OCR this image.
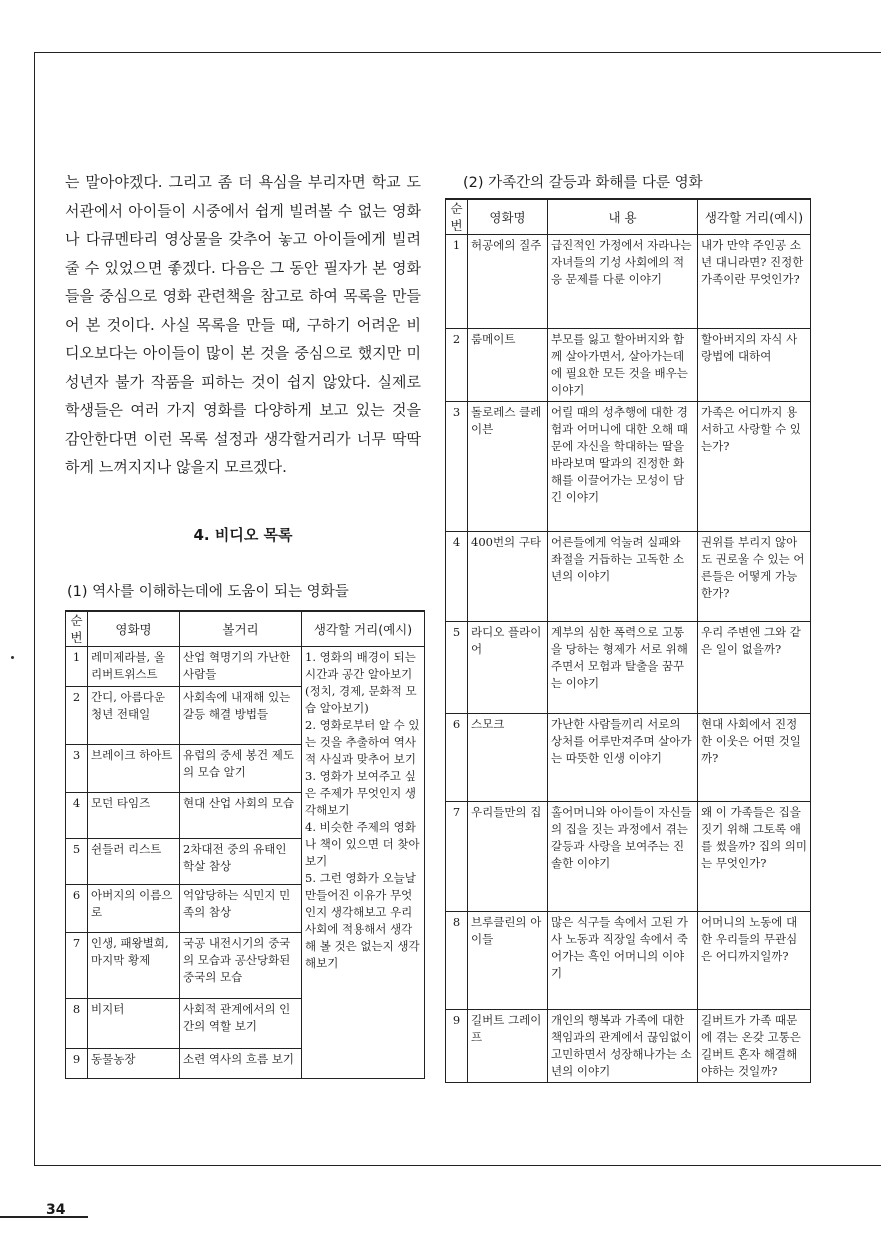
는 말아야겠다. 그리고 좀 더 욕심을 부리자면 학교 도서관에서 아이들이 시중에서 쉽게 빌려볼 수 없는 영화나 다큐멘타리 영상물을 갖추어 놓고 아이들에게 빌려줄 수 있었으면 좋겠다. 다음은 그 동안 필자가 본 영화들을 중심으로 영화 관련책을 참고로 하여 목록을 만들어 본 것이다. 사실 목록을 만들 때, 구하기 어려운 비디오보다는 아이들이 많이 본 것을 중심으로 했지만 미성년자 불가 작품을 피하는 것이 쉽지 않았다. 실제로 학생들은 여러 가지 영화를 다양하게 보고 있는 것을 감안한다면 이런 목록 설정과 생각할거리가 너무 딱딱하게 느껴지지나 않을지 모르겠다.
4. 비디오 목록
(1) 역사를 이해하는데에 도움이 되는 영화들
순번	영화명	볼거리	생각할 거리(예시)
1	레미제라블, 올리버트위스트	산업 혁명기의 가난한 사람들	1. 영화의 배경이 되는 시간과 공간 알아보기(정치, 경제, 문화적 모습 알아보기)
2. 영화로부터 알 수 있는 것을 추출하여 역사적 사실과 맞추어 보기
3. 영화가 보여주고 싶은 주제가 무엇인지 생각해보기
4. 비슷한 주제의 영화나 책이 있으면 더 찾아보기
5. 그런 영화가 오늘날 만들어진 이유가 무엇인지 생각해보고 우리 사회에 적용해서 생각해 볼 것은 없는지 생각해보기
2	간디, 아름다운 청년 전태일	사회속에 내재해 있는 갈등 해결 방법들	
3	브레이크 하아트	유럽의 중세 봉건 제도의 모습 알기	
4	모던 타임즈	현대 산업 사회의 모습	
5	쉰들러 리스트	2차대전 중의 유태인 학살 참상	
6	아버지의 이름으로	억압당하는 식민지 민족의 참상	
7	인생, 패왕별희, 마지막 황제	국공 내전시기의 중국의 모습과 공산당화된 중국의 모습	
8	비지터	사회적 관계에서의 인간의 역할 보기	
9	동물농장	소련 역사의 흐름 보기	
(2) 가족간의 갈등과 화해를 다룬 영화
순번	영화명	내 용	생각할 거리(예시)
1	허공에의 질주	급진적인 가정에서 자라나는 자녀들의 기성 사회에의 적응 문제를 다룬 이야기	내가 만약 주인공 소년 대니라면? 진정한 가족이란 무엇인가?
2	룸메이트	부모를 잃고 할아버지와 함께 살아가면서, 살아가는데에 필요한 모든 것을 배우는 이야기	할아버지의 자식 사랑법에 대하여
3	돌로레스 클레이븐	어릴 때의 성추행에 대한 경험과 어머니에 대한 오해 때문에 자신을 학대하는 딸을 바라보며 딸과의 진정한 화해를 이끌어가는 모성이 담긴 이야기	가족은 어디까지 용서하고 사랑할 수 있는가?
4	400번의 구타	어른들에게 억눌려 실패와 좌절을 거듭하는 고독한 소년의 이야기	권위를 부리지 않아도 권로울 수 있는 어른들은 어떻게 가능한가?
5	라디오 플라이어	계부의 심한 폭력으로 고통을 당하는 형제가 서로 위해주면서 모험과 탈출을 꿈꾸는 이야기	우리 주변엔 그와 같은 일이 없을까?
6	스모크	가난한 사람들끼리 서로의 상처를 어루만져주며 살아가는 따뜻한 인생 이야기	현대 사회에서 진정한 이웃은 어떤 것일까?
7	우리들만의 집	홀어머니와 아이들이 자신들의 집을 짓는 과정에서 겪는 갈등과 사랑을 보여주는 진솔한 이야기	왜 이 가족들은 집을 짓기 위해 그토록 애를 썼을까? 집의 의미는 무엇인가?
8	브루클린의 아이들	많은 식구들 속에서 고된 가사 노동과 직장일 속에서 죽어가는 흑인 어머니의 이야기	어머니의 노동에 대한 우리들의 무관심은 어디까지일까?
9	길버트 그레이프	개인의 행복과 가족에 대한 책임과의 관계에서 끊임없이 고민하면서 성장해나가는 소년의 이야기	길버트가 가족 때문에 겪는 온갖 고통은 길버트 혼자 해결해야하는 것일까?
34
